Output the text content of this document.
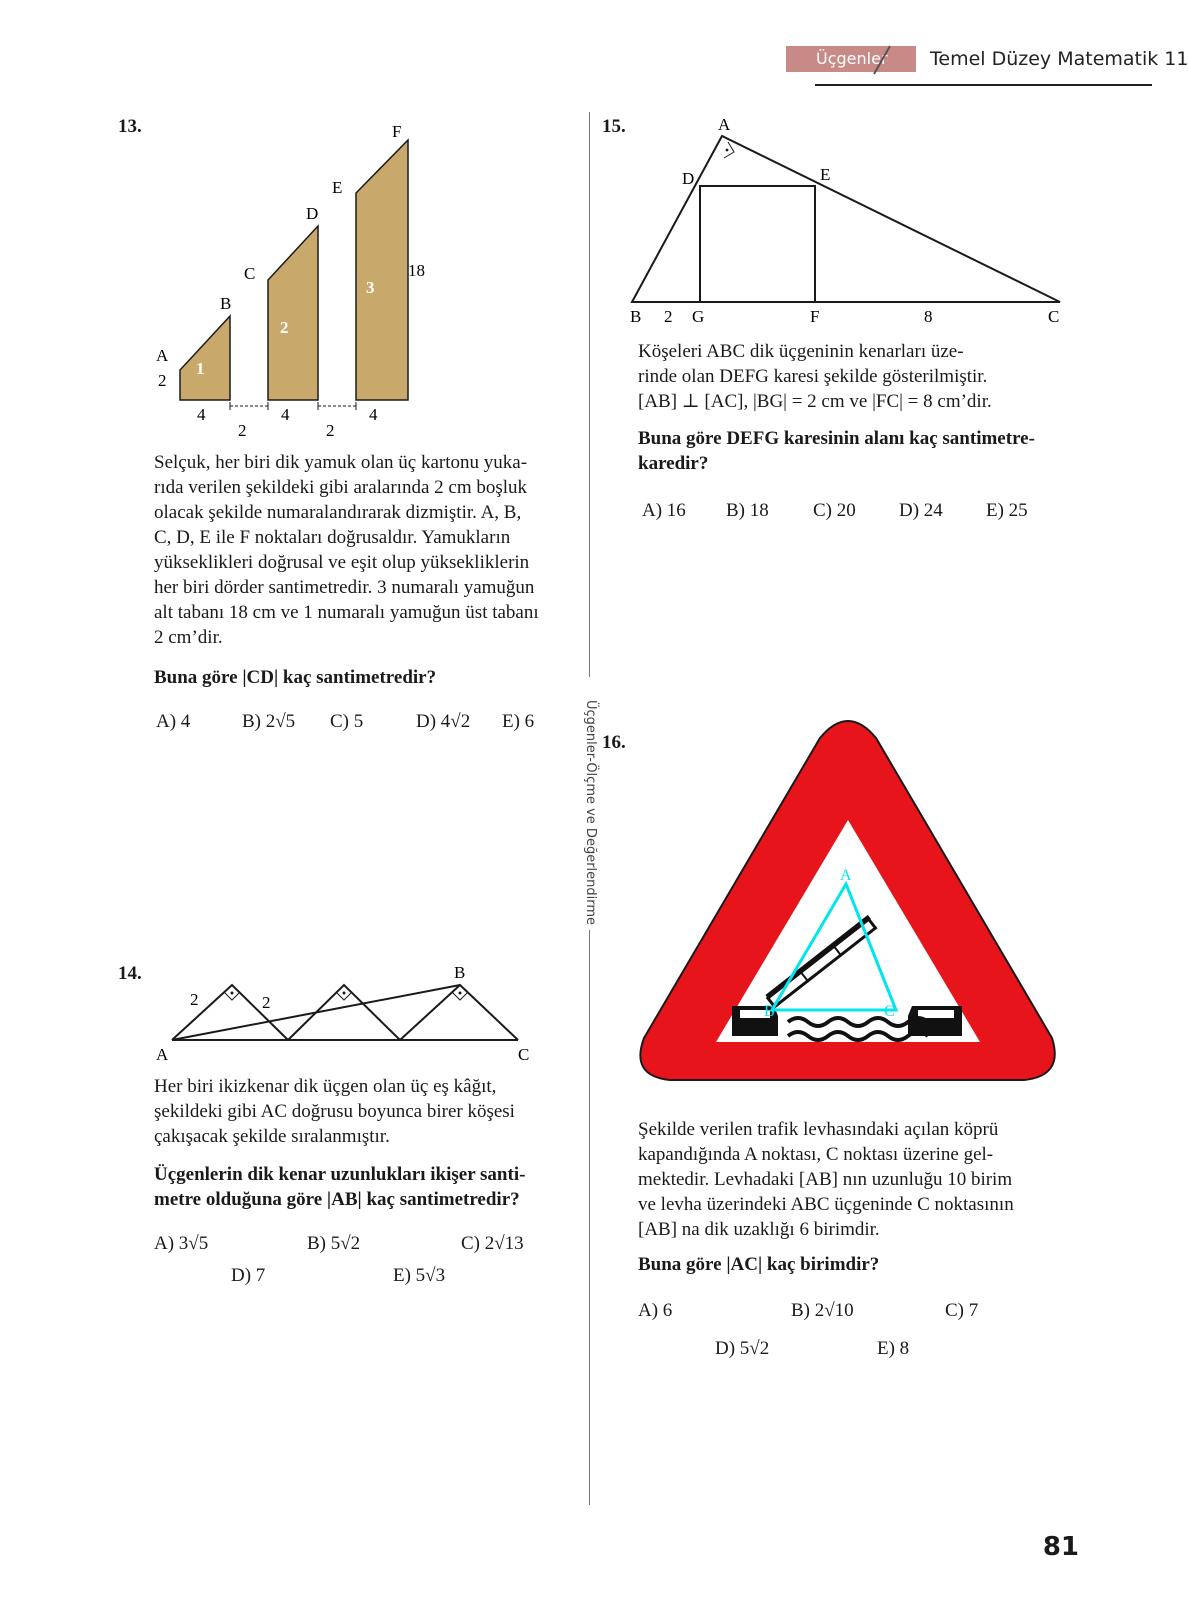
Üçgenler Temel Düzey Matematik 11
Üçgenler-Ölçme ve Değerlendirme
13.
A
B
C
D
E
F
2
18
1
2
3
4	4	4
2	2
Selçuk, her biri dik yamuk olan üç kartonu yuka-
rıda verilen şekildeki gibi aralarında 2 cm boşluk
olacak şekilde numaralandırarak dizmiştir. A, B,
C, D, E ile F noktaları doğrusaldır. Yamukların
yükseklikleri doğrusal ve eşit olup yüksekliklerin
her biri dörder santimetredir. 3 numaralı yamuğun
alt tabanı 18 cm ve 1 numaralı yamuğun üst tabanı
2 cm’dir.
Buna göre |CD| kaç santimetredir?
A) 4	B) 2√5 C) 5	D) 4√2 E) 6
14.
2	2
A
B
C
Her biri ikizkenar dik üçgen olan üç eş kâğıt,
şekildeki gibi AC doğrusu boyunca birer köşesi
çakışacak şekilde sıralanmıştır.
Üçgenlerin dik kenar uzunlukları ikişer santi-
metre olduğuna göre |AB| kaç santimetredir?
A) 3√5	B) 5√2	C) 2√13
D) 7	E) 5√3
15.	A
B	C
D	E
F
G
2	8
Köşeleri ABC dik üçgeninin kenarları üze-
rinde olan DEFG karesi şekilde gösterilmiştir.
[AB] ⊥ [AC], |BG| = 2 cm ve |FC| = 8 cm’dir.
Buna göre DEFG karesinin alanı kaç santimetre-
karedir?
A) 16 B) 18 C) 20 D) 24 E) 25
16.
A
B	C
Şekilde verilen trafik levhasındaki açılan köprü
kapandığında A noktası, C noktası üzerine gel-
mektedir. Levhadaki [AB] nın uzunluğu 10 birim
ve levha üzerindeki ABC üçgeninde C noktasının
[AB] na dik uzaklığı 6 birimdir.
Buna göre |AC| kaç birimdir?
A) 6	B) 2√10	C) 7
D) 5√2	E) 8
81
